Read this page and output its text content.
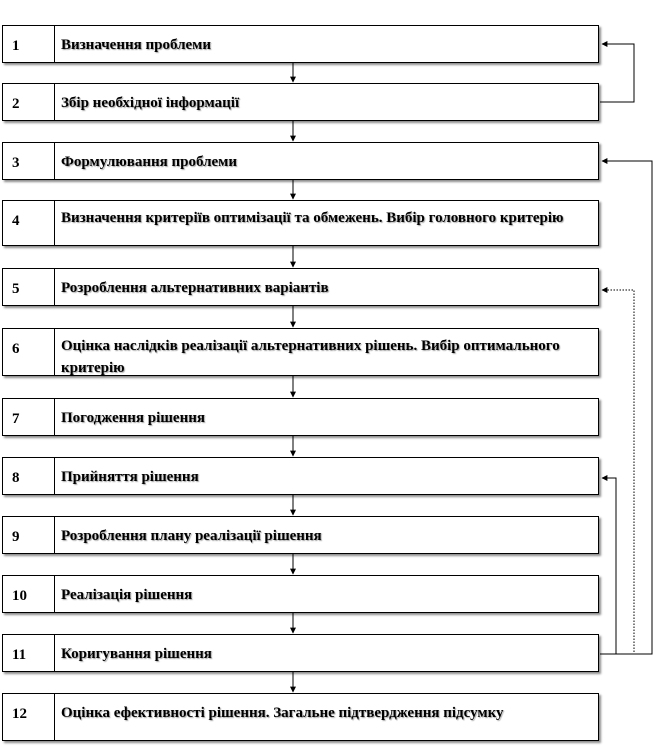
1	Визначення проблеми
2	Збір необхідної інформації
3	Формулювання проблеми
4	Визначення критеріїв оптимізації та обмежень. Вибір головного критерію
5	Розроблення альтернативних варіантів
6	Оцінка наслідків реалізації альтернативних рішень. Вибір оптимального критерію
7	Погодження рішення
8	Прийняття рішення
9	Розроблення плану реалізації рішення
10	Реалізація рішення
11	Коригування рішення
12	Оцінка ефективності рішення. Загальне підтвердження підсумку
